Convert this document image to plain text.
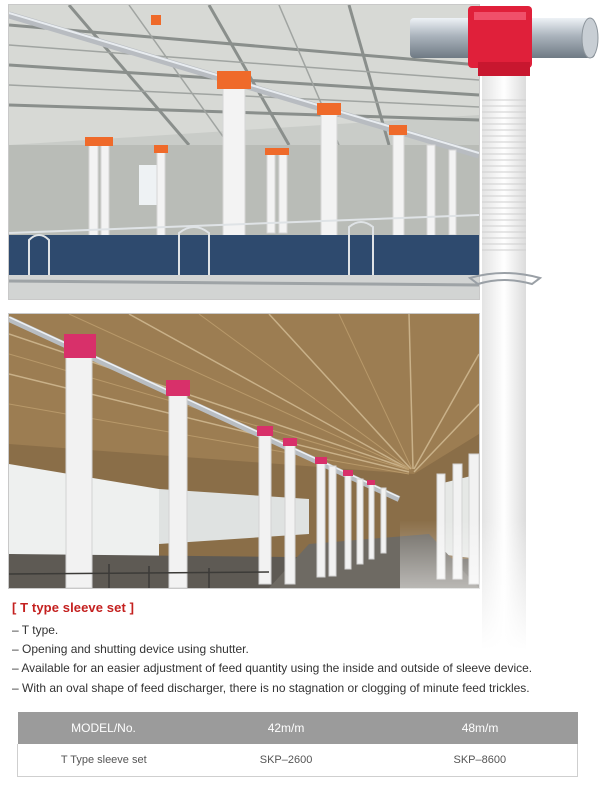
[ T type sleeve set ]
– T type.
– Opening and shutting device using shutter.
– Available for an easier adjustment of feed quantity using the inside and outside of sleeve device.
– With an oval shape of feed discharger, there is no stagnation or clogging of minute feed trickles.
MODEL/No.	42m/m	48m/m
T Type sleeve set	SKP–2600	SKP–8600
